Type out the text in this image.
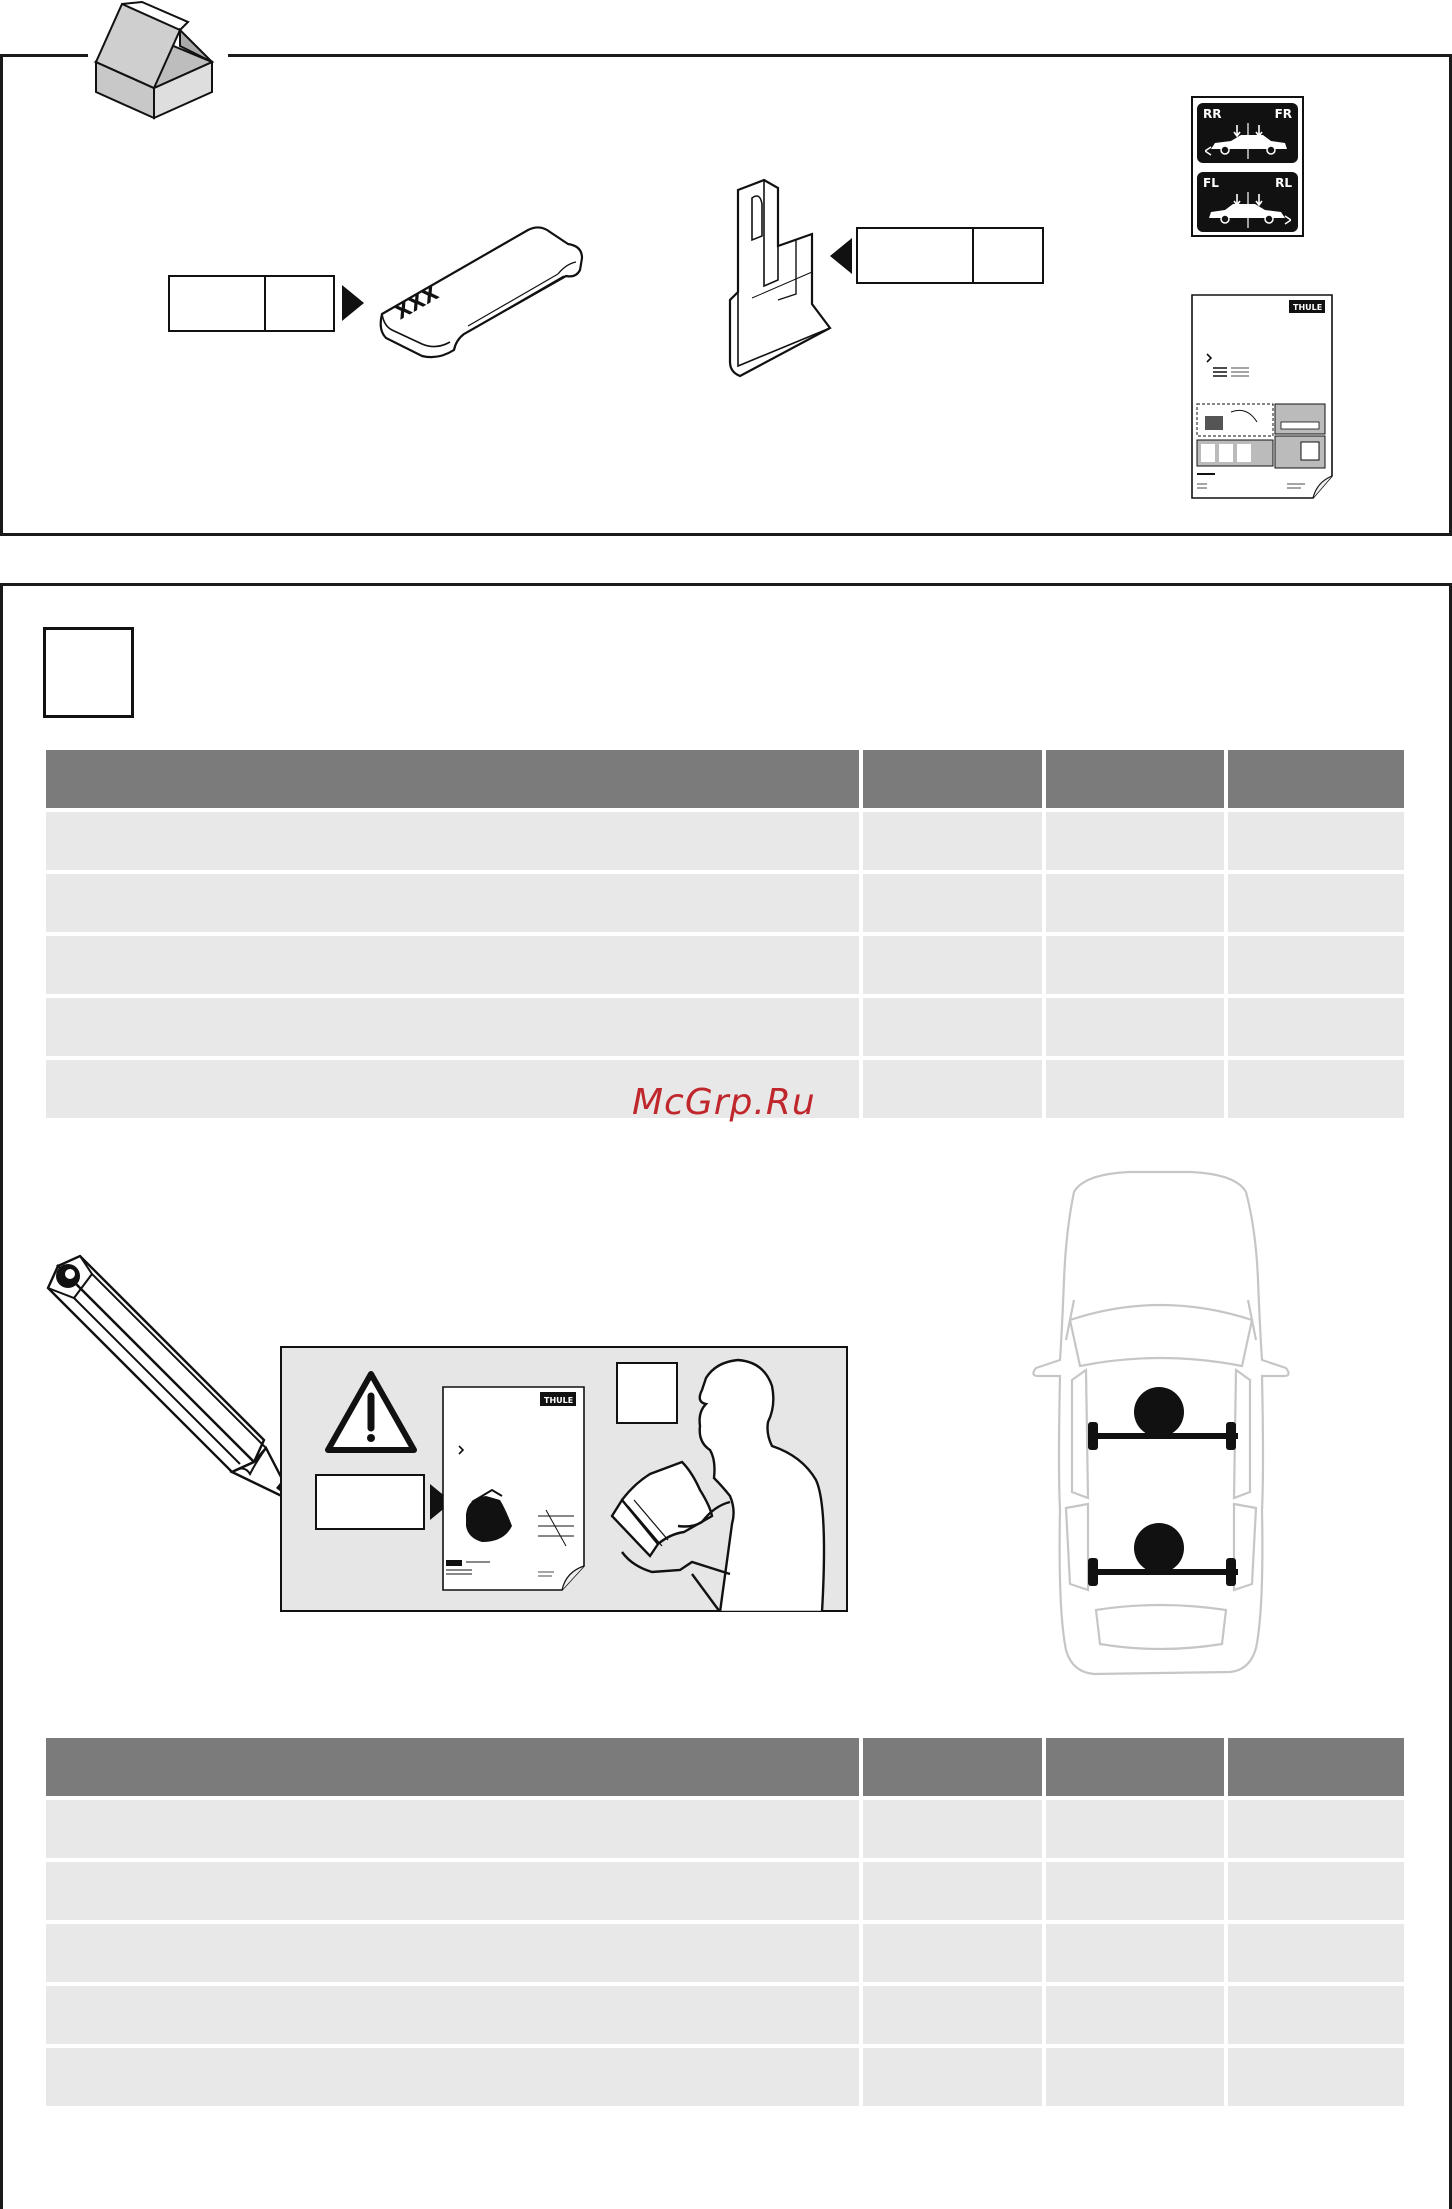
XXX
RR	FR
FL	RL
THULE
McGrp.Ru
THULE
